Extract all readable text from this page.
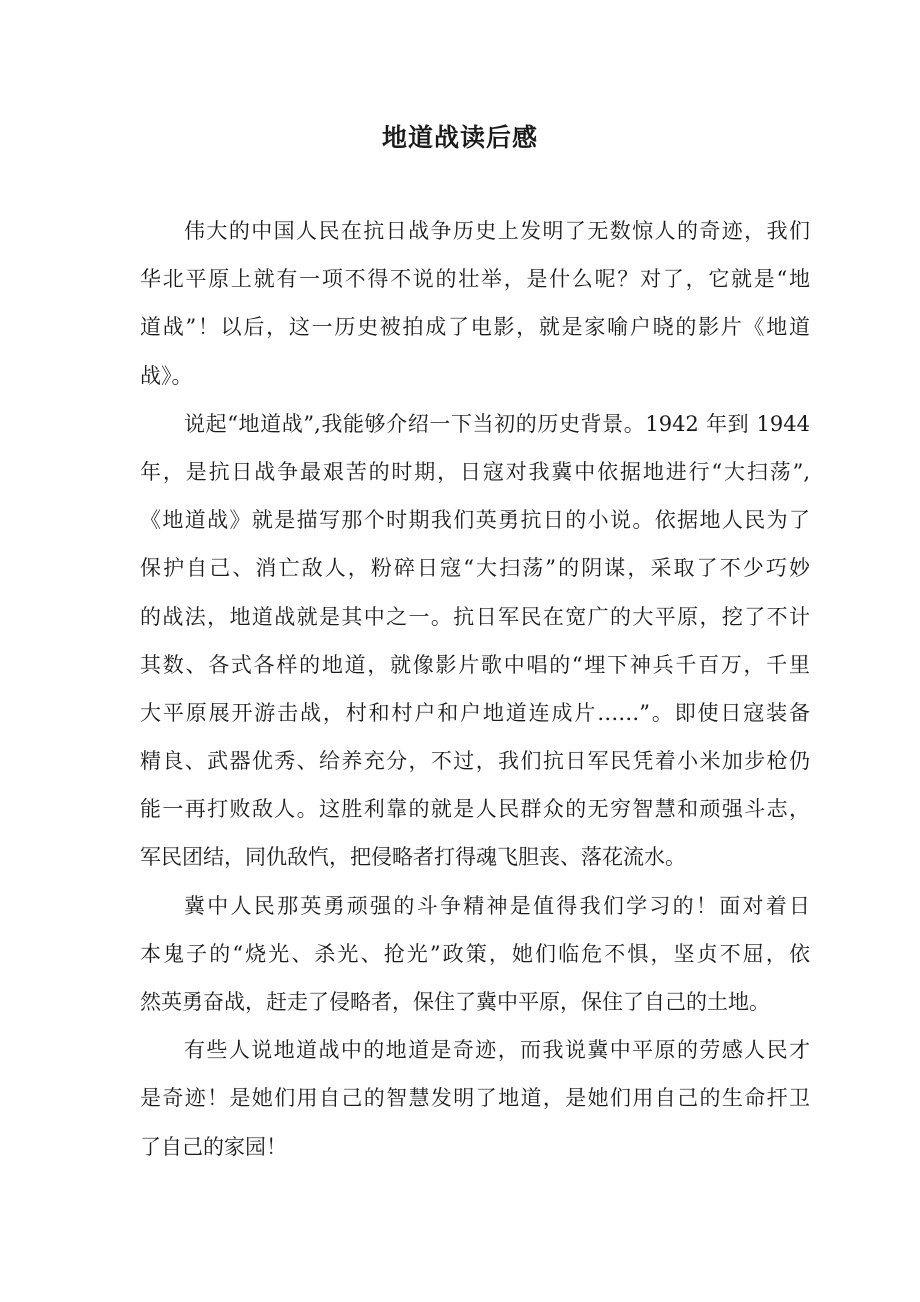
地道战读后感
伟大的中国人民在抗日战争历史上发明了无数惊人的奇迹，我们
华北平原上就有一项不得不说的壮举，是什么呢？对了，它就是“地
道战”！以后，这一历史被拍成了电影，就是家喻户晓的影片《地道
战》。
说起“地道战”,我能够介绍一下当初的历史背景。1942 年到 1944
年，是抗日战争最艰苦的时期，日寇对我冀中依据地进行“大扫荡”,
《地道战》就是描写那个时期我们英勇抗日的小说。依据地人民为了
保护自己、消亡敌人，粉碎日寇“大扫荡”的阴谋，采取了不少巧妙
的战法，地道战就是其中之一。抗日军民在宽广的大平原，挖了不计
其数、各式各样的地道，就像影片歌中唱的“埋下神兵千百万，千里
大平原展开游击战，村和村户和户地道连成片……”。即使日寇装备
精良、武器优秀、给养充分，不过，我们抗日军民凭着小米加步枪仍
能一再打败敌人。这胜利靠的就是人民群众的无穷智慧和顽强斗志，
军民团结，同仇敌忾，把侵略者打得魂飞胆丧、落花流水。
冀中人民那英勇顽强的斗争精神是值得我们学习的！面对着日
本鬼子的“烧光、杀光、抢光”政策，她们临危不惧，坚贞不屈，依
然英勇奋战，赶走了侵略者，保住了冀中平原，保住了自己的土地。
有些人说地道战中的地道是奇迹，而我说冀中平原的劳感人民才
是奇迹！是她们用自己的智慧发明了地道，是她们用自己的生命扞卫
了自己的家园！
